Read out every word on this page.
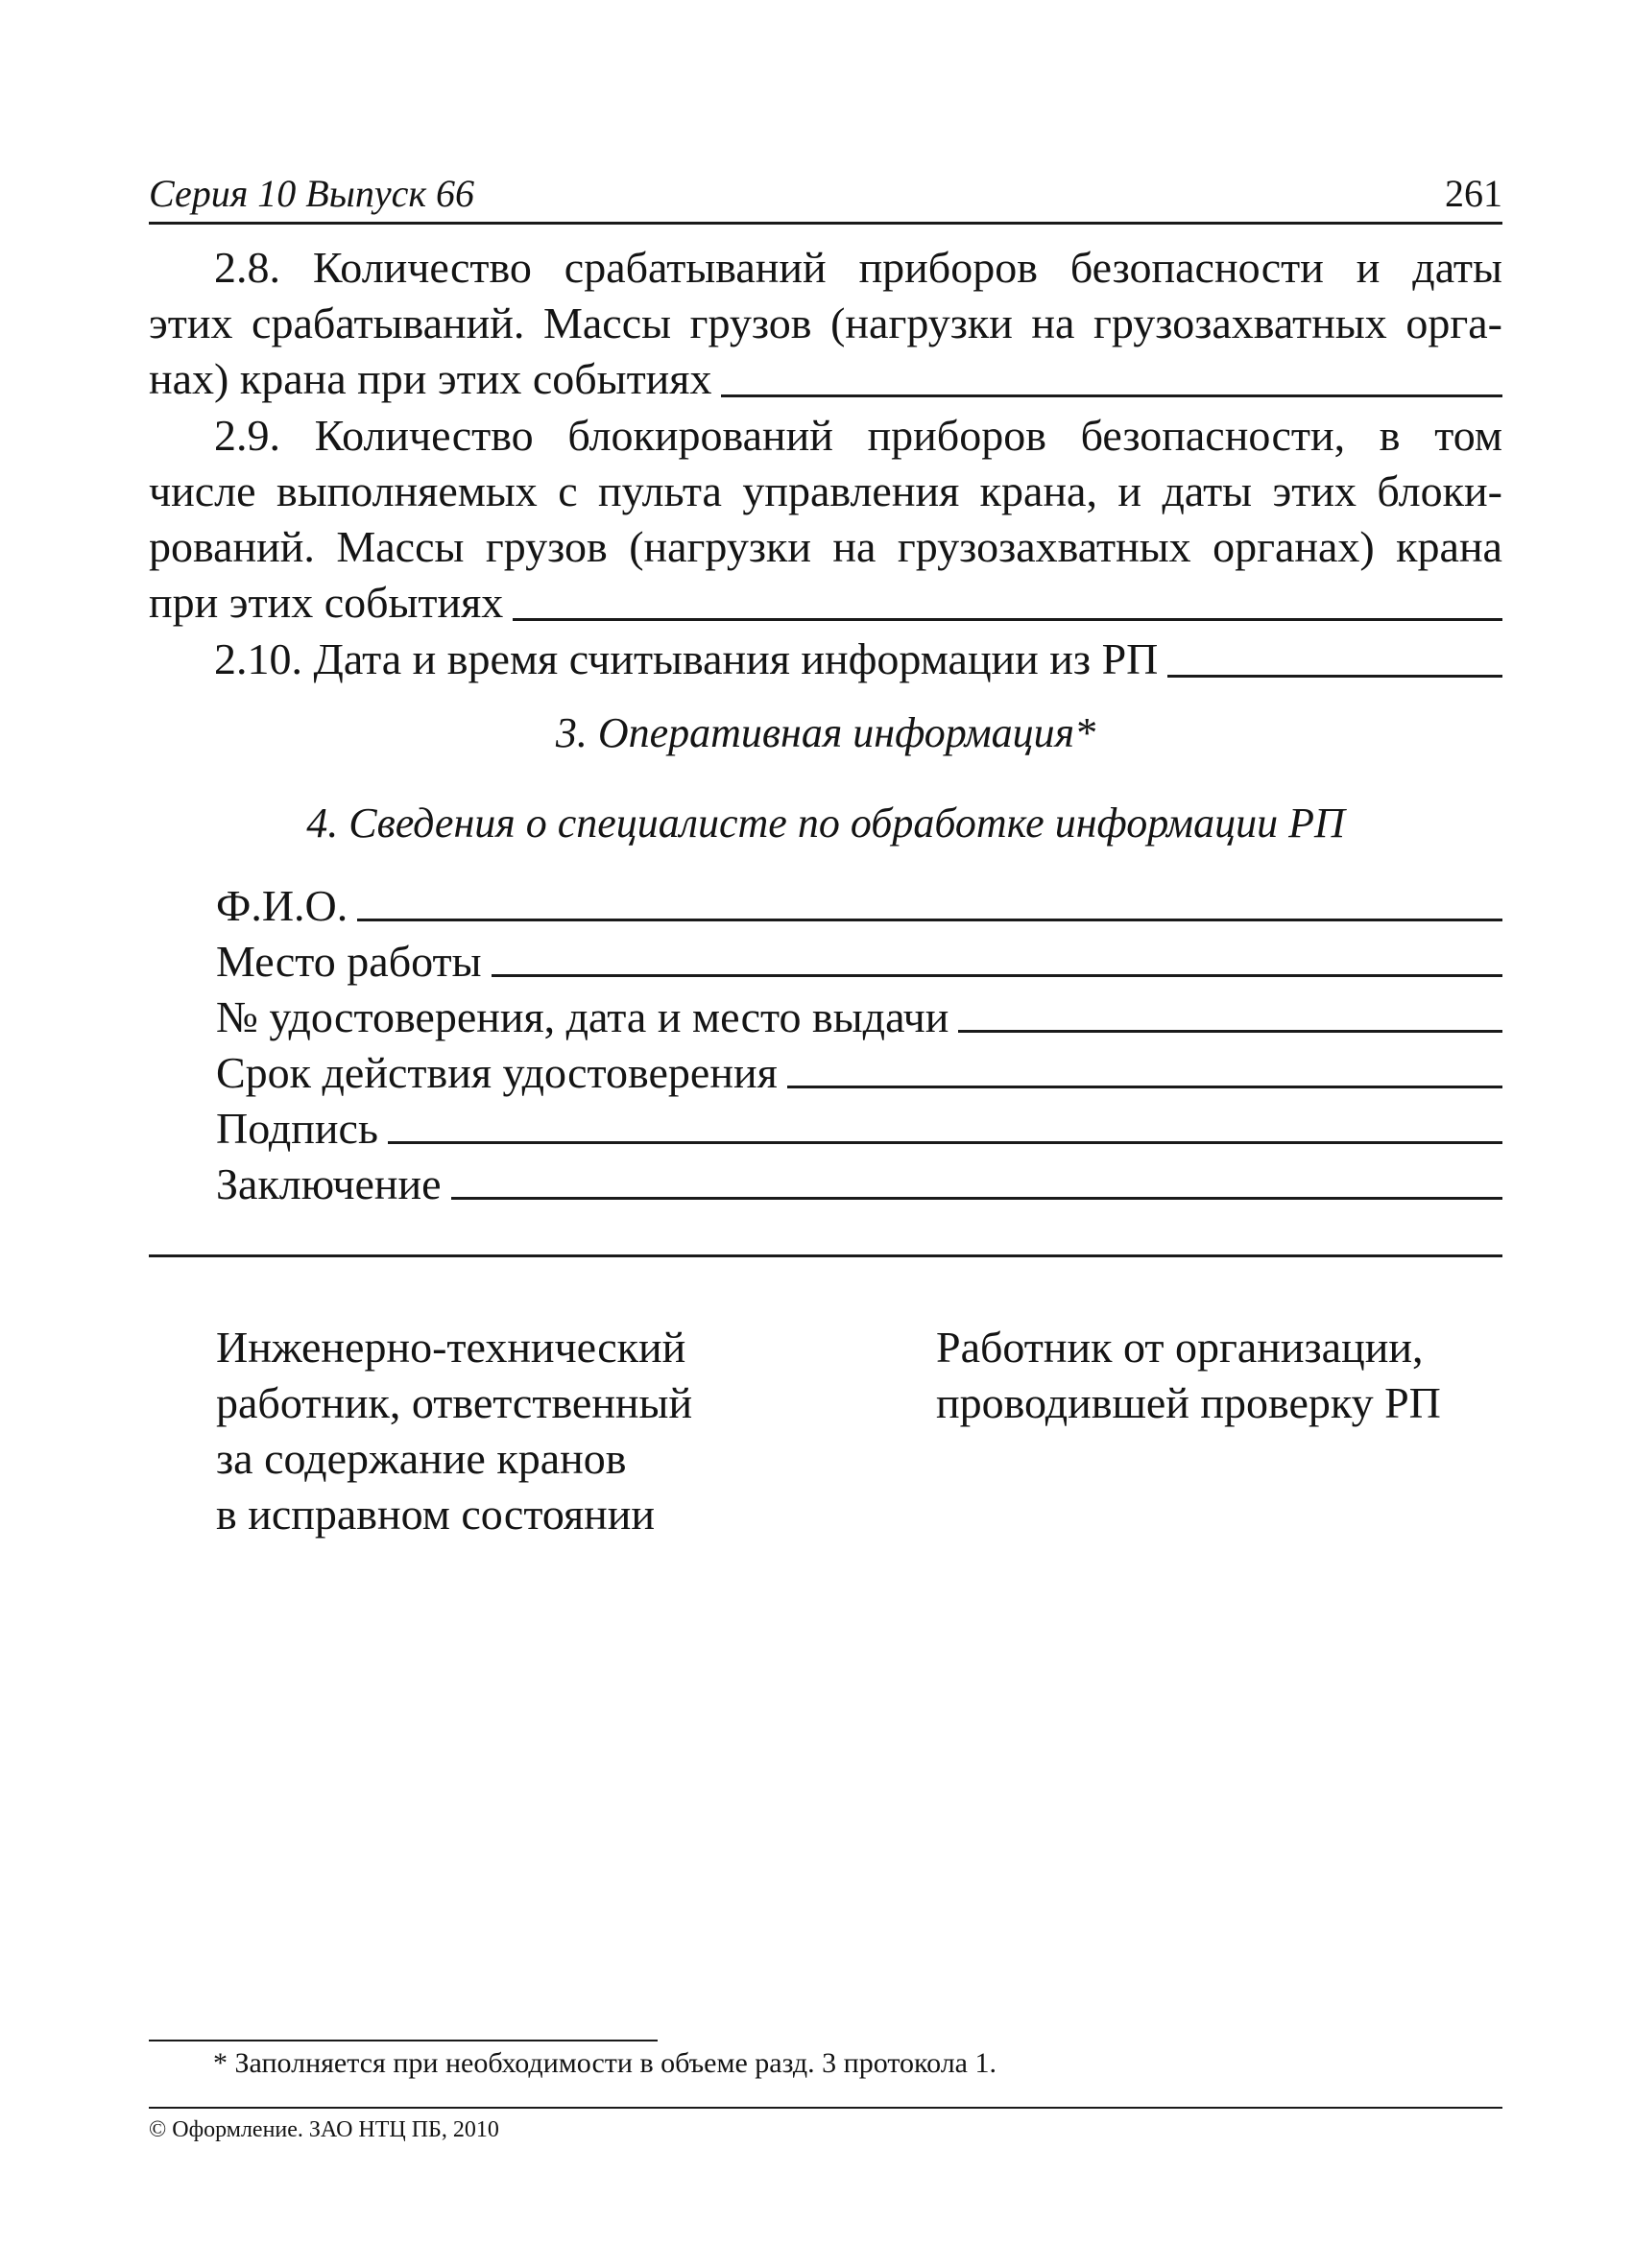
Серия 10 Выпуск 66	261
2.8. Количество срабатываний приборов безопасности и даты
этих срабатываний. Массы грузов (нагрузки на грузозахватных орга-
нах) крана при этих событиях
2.9. Количество блокирований приборов безопасности, в том
числе выполняемых с пульта управления крана, и даты этих блоки-
рований. Массы грузов (нагрузки на грузозахватных органах) крана
при этих событиях
2.10. Дата и время считывания информации из РП
3. Оперативная информация*
4. Сведения о специалисте по обработке информации РП
Ф.И.О.
Место работы
№ удостоверения, дата и место выдачи
Срок действия удостоверения
Подпись
Заключение
Инженерно-технический
работник, ответственный
за содержание кранов
в исправном состоянии
Работник от организации,
проводившей проверку РП
* Заполняется при необходимости в объеме разд. 3 протокола 1.
© Оформление. ЗАО НТЦ ПБ, 2010
